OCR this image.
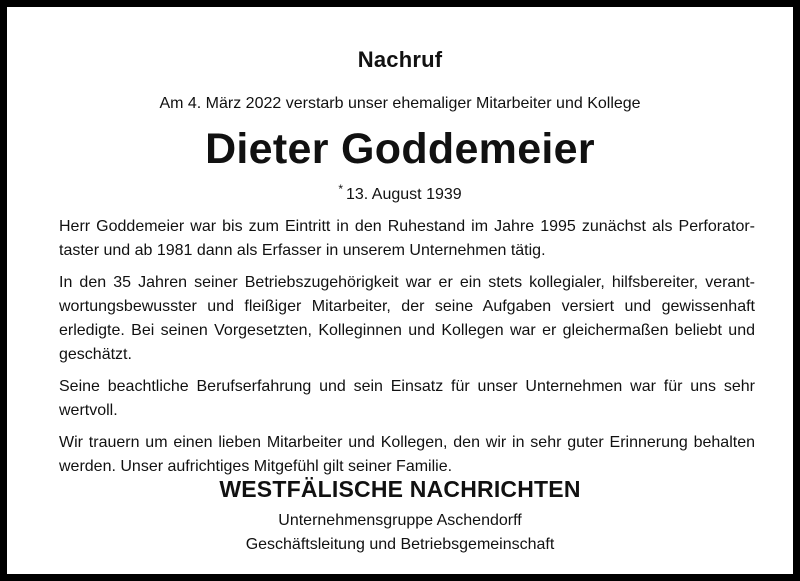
Nachruf
Am 4. März 2022 verstarb unser ehemaliger Mitarbeiter und Kollege
Dieter Goddemeier
* 13. August 1939

Herr Goddemeier war bis zum Eintritt in den Ruhestand im Jahre 1995 zunächst als Perforator-taster und ab 1981 dann als Erfasser in unserem Unternehmen tätig.

In den 35 Jahren seiner Betriebszugehörigkeit war er ein stets kollegialer, hilfsbereiter, verant-wortungsbewusster und fleißiger Mitarbeiter, der seine Aufgaben versiert und gewissenhaft erledigte. Bei seinen Vorgesetzten, Kolleginnen und Kollegen war er gleichermaßen beliebt und geschätzt.

Seine beachtliche Berufserfahrung und sein Einsatz für unser Unternehmen war für uns sehr wertvoll.

Wir trauern um einen lieben Mitarbeiter und Kollegen, den wir in sehr guter Erinnerung behalten werden. Unser aufrichtiges Mitgefühl gilt seiner Familie.

WESTFÄLISCHE NACHRICHTEN
Unternehmensgruppe Aschendorff
Geschäftsleitung und Betriebsgemeinschaft
